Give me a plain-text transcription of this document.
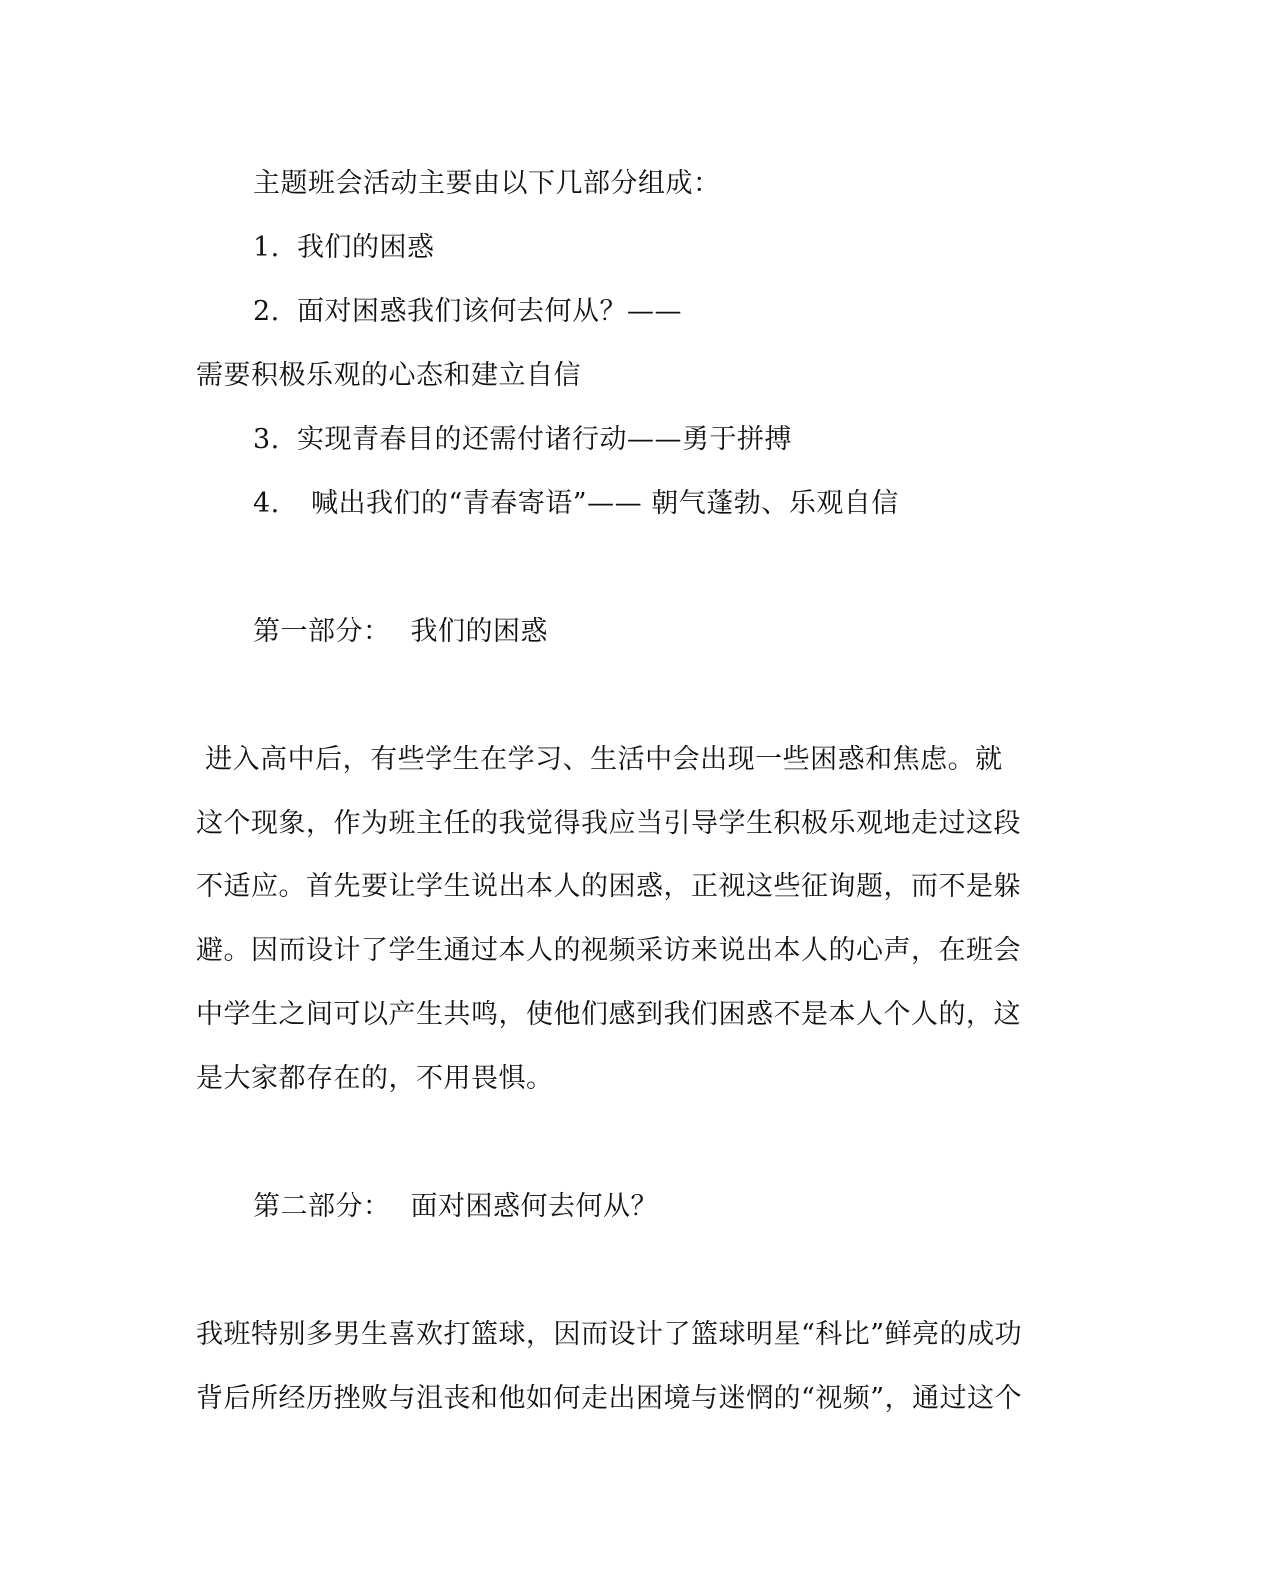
主题班会活动主要由以下几部分组成：
1. 我们的困惑
2. 面对困惑我们该何去何从？——
需要积极乐观的心态和建立自信
3. 实现青春目的还需付诸行动——勇于拼搏
4. 喊出我们的“青春寄语”—— 朝气蓬勃、乐观自信
第一部分： 我们的困惑
进入高中后，有些学生在学习、生活中会出现一些困惑和焦虑。就
这个现象，作为班主任的我觉得我应当引导学生积极乐观地走过这段
不适应。首先要让学生说出本人的困惑，正视这些征询题，而不是躲
避。因而设计了学生通过本人的视频采访来说出本人的心声，在班会
中学生之间可以产生共鸣，使他们感到我们困惑不是本人个人的，这
是大家都存在的，不用畏惧。
第二部分： 面对困惑何去何从？
我班特别多男生喜欢打篮球，因而设计了篮球明星“科比”鲜亮的成功
背后所经历挫败与沮丧和他如何走出困境与迷惘的“视频”，通过这个
